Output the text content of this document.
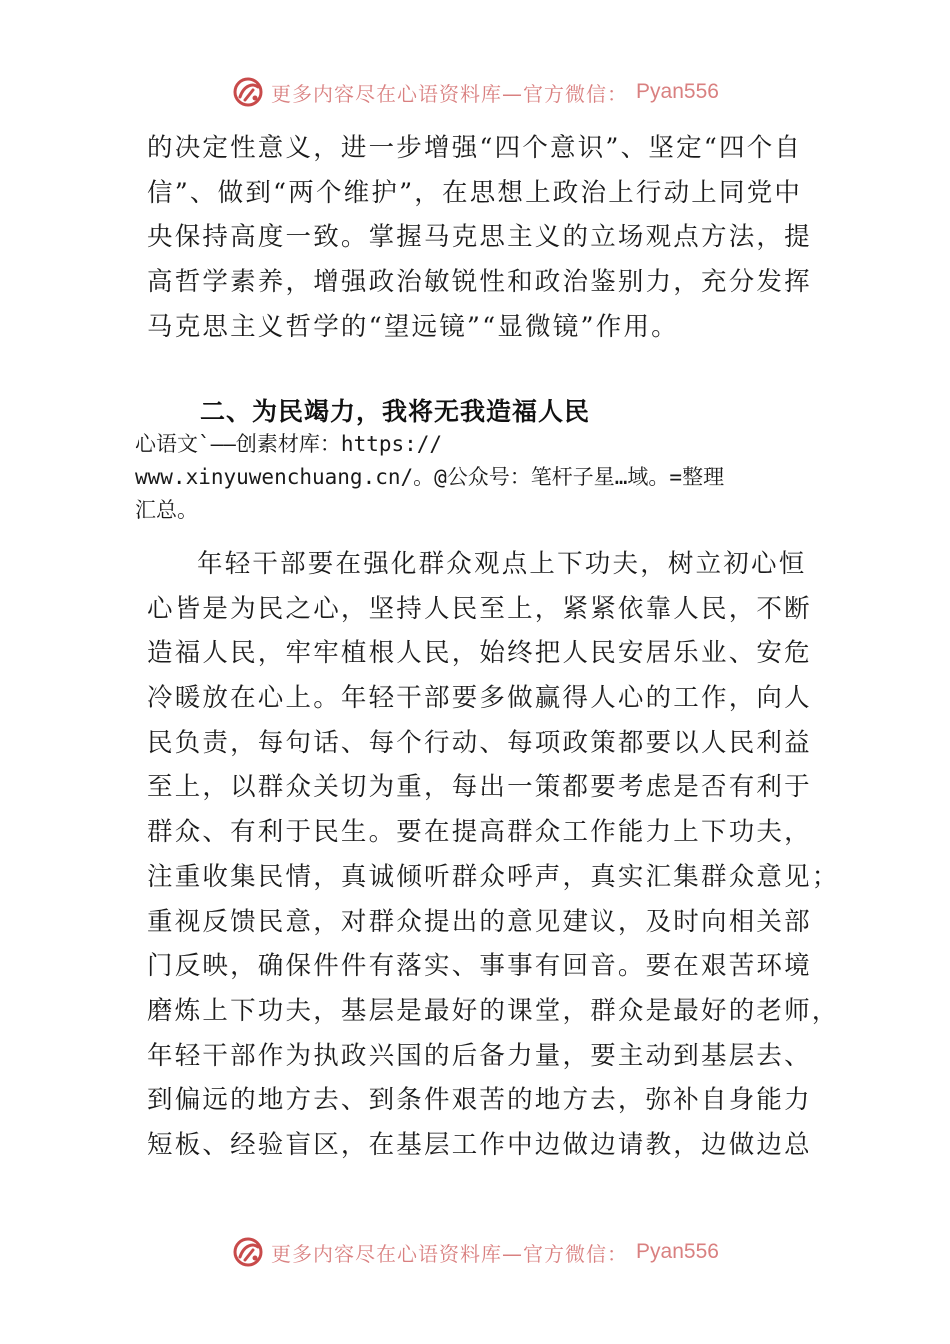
更多内容尽在心语资料库—官方微信： Pyan556
的决定性意义，进一步增强“四个意识”、坚定“四个自
信”、做到“两个维护”，在思想上政治上行动上同党中
央保持高度一致。掌握马克思主义的立场观点方法，提
高哲学素养，增强政治敏锐性和政治鉴别力，充分发挥
马克思主义哲学的“望远镜”“显微镜”作用。
二、为民竭力，我将无我造福人民
心语文`——创素材库：https://
www.xinyuwenchuang.cn/。@公众号：笔杆子星…域。=整理
汇总。
年轻干部要在强化群众观点上下功夫，树立初心恒
心皆是为民之心，坚持人民至上，紧紧依靠人民，不断
造福人民，牢牢植根人民，始终把人民安居乐业、安危
冷暖放在心上。年轻干部要多做赢得人心的工作，向人
民负责，每句话、每个行动、每项政策都要以人民利益
至上，以群众关切为重，每出一策都要考虑是否有利于
群众、有利于民生。要在提高群众工作能力上下功夫，
注重收集民情，真诚倾听群众呼声，真实汇集群众意见；
重视反馈民意，对群众提出的意见建议，及时向相关部
门反映，确保件件有落实、事事有回音。要在艰苦环境
磨炼上下功夫，基层是最好的课堂，群众是最好的老师，
年轻干部作为执政兴国的后备力量，要主动到基层去、
到偏远的地方去、到条件艰苦的地方去，弥补自身能力
短板、经验盲区，在基层工作中边做边请教，边做边总
更多内容尽在心语资料库—官方微信： Pyan556
